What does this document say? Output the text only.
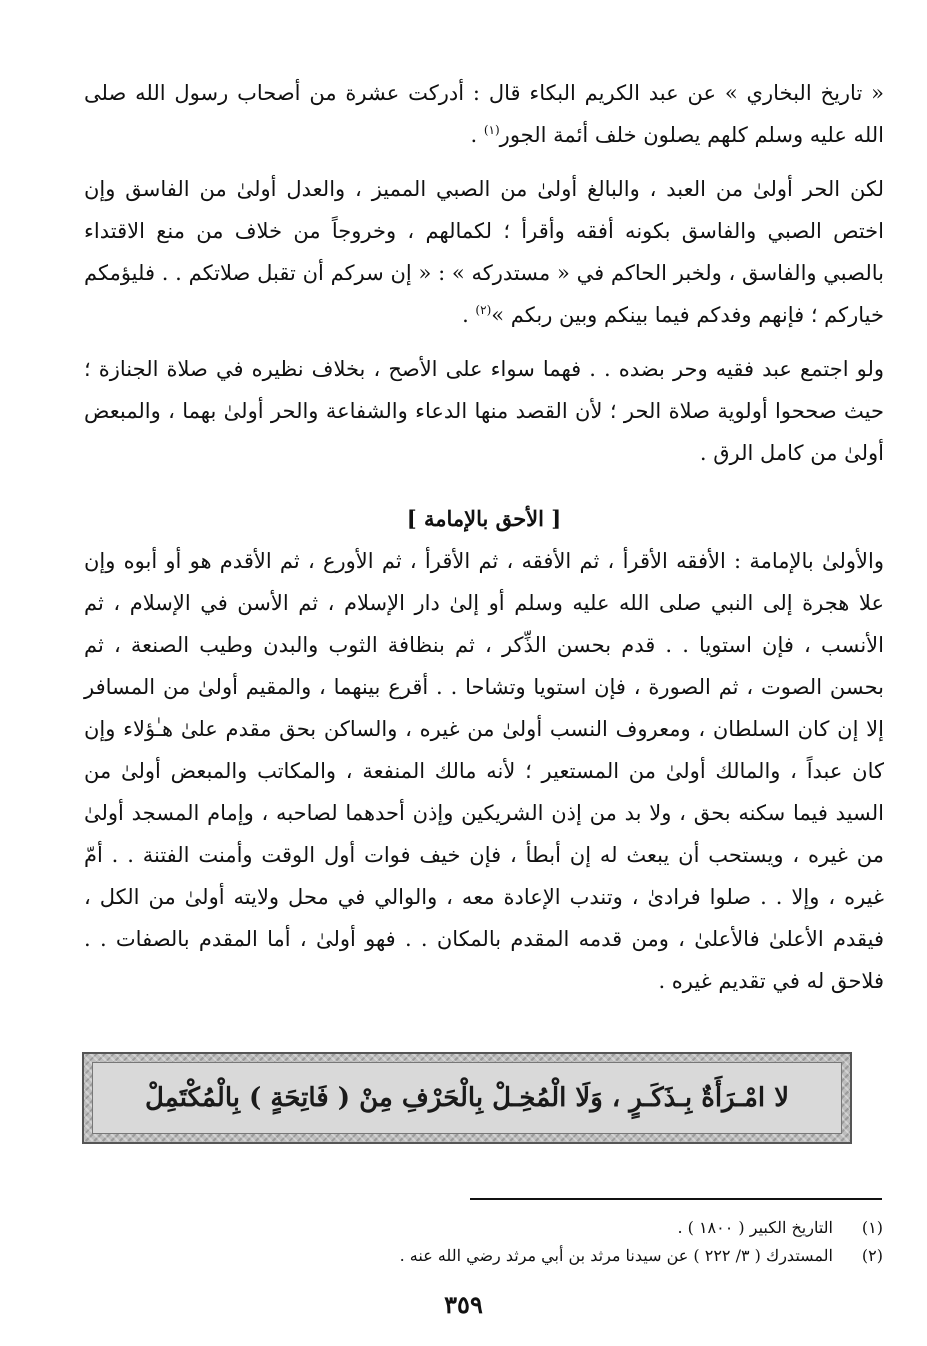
« تاريخ البخاري » عن عبد الكريم البكاء قال : أدركت عشرة من أصحاب رسول الله صلى الله عليه وسلم كلهم يصلون خلف أئمة الجور$^{(١)}$ .

لكن الحر أولىٰ من العبد ، والبالغ أولىٰ من الصبي المميز ، والعدل أولىٰ من الفاسق وإن اختص الصبي والفاسق بكونه أفقه وأقرأ ؛ لكمالهم ، وخروجاً من خلاف من منع الاقتداء بالصبي والفاسق ، ولخبر الحاكم في « مستدركه » : « إن سركم أن تقبل صلاتكم . . فليؤمكم خياركم ؛ فإنهم وفدكم فيما بينكم وبين ربكم »$^{(٢)}$ .

ولو اجتمع عبد فقيه وحر بضده . . فهما سواء على الأصح ، بخلاف نظيره في صلاة الجنازة ؛ حيث صححوا أولوية صلاة الحر ؛ لأن القصد منها الدعاء والشفاعة والحر أولىٰ بهما ، والمبعض أولىٰ من كامل الرق .

[ الأحق بالإمامة ]

والأولىٰ بالإمامة : الأفقه الأقرأ ، ثم الأفقه ، ثم الأقرأ ، ثم الأورع ، ثم الأقدم هو أو أبوه وإن علا هجرة إلى النبي صلى الله عليه وسلم أو إلىٰ دار الإسلام ، ثم الأسن في الإسلام ، ثم الأنسب ، فإن استويا . . قدم بحسن الذِّكر ، ثم بنظافة الثوب والبدن وطيب الصنعة ، ثم بحسن الصوت ، ثم الصورة ، فإن استويا وتشاحا . . أقرع بينهما ، والمقيم أولىٰ من المسافر إلا إن كان السلطان ، ومعروف النسب أولىٰ من غيره ، والساكن بحق مقدم علىٰ هـٰؤلاء وإن كان عبداً ، والمالك أولىٰ من المستعير ؛ لأنه مالك المنفعة ، والمكاتب والمبعض أولىٰ من السيد فيما سكنه بحق ، ولا بد من إذن الشريكين وإذن أحدهما لصاحبه ، وإمام المسجد أولىٰ من غيره ، ويستحب أن يبعث له إن أبطأ ، فإن خيف فوات أول الوقت وأمنت الفتنة . . أمّ غيره ، وإلا . . صلوا فرادىٰ ، وتندب الإعادة معه ، والوالي في محل ولايته أولىٰ من الكل ، فيقدم الأعلىٰ فالأعلىٰ ، ومن قدمه المقدم بالمكان . . فهو أولىٰ ، أما المقدم بالصفات . . فلاحق له في تقديم غيره .

لا امْـرَأَةٌ بِـذَكَـرٍ ، وَلَا الْمُخِـلْ بِالْحَرْفِ مِنْ ( فَاتِحَةٍ ) بِالْمُكْتَمِلْ
(١)
التاريخ الكبير ( ١٨٠٠ ) .
(٢)
المستدرك ( ٣/ ٢٢٢ ) عن سيدنا مرثد بن أبي مرثد رضي الله عنه .
٣٥٩
